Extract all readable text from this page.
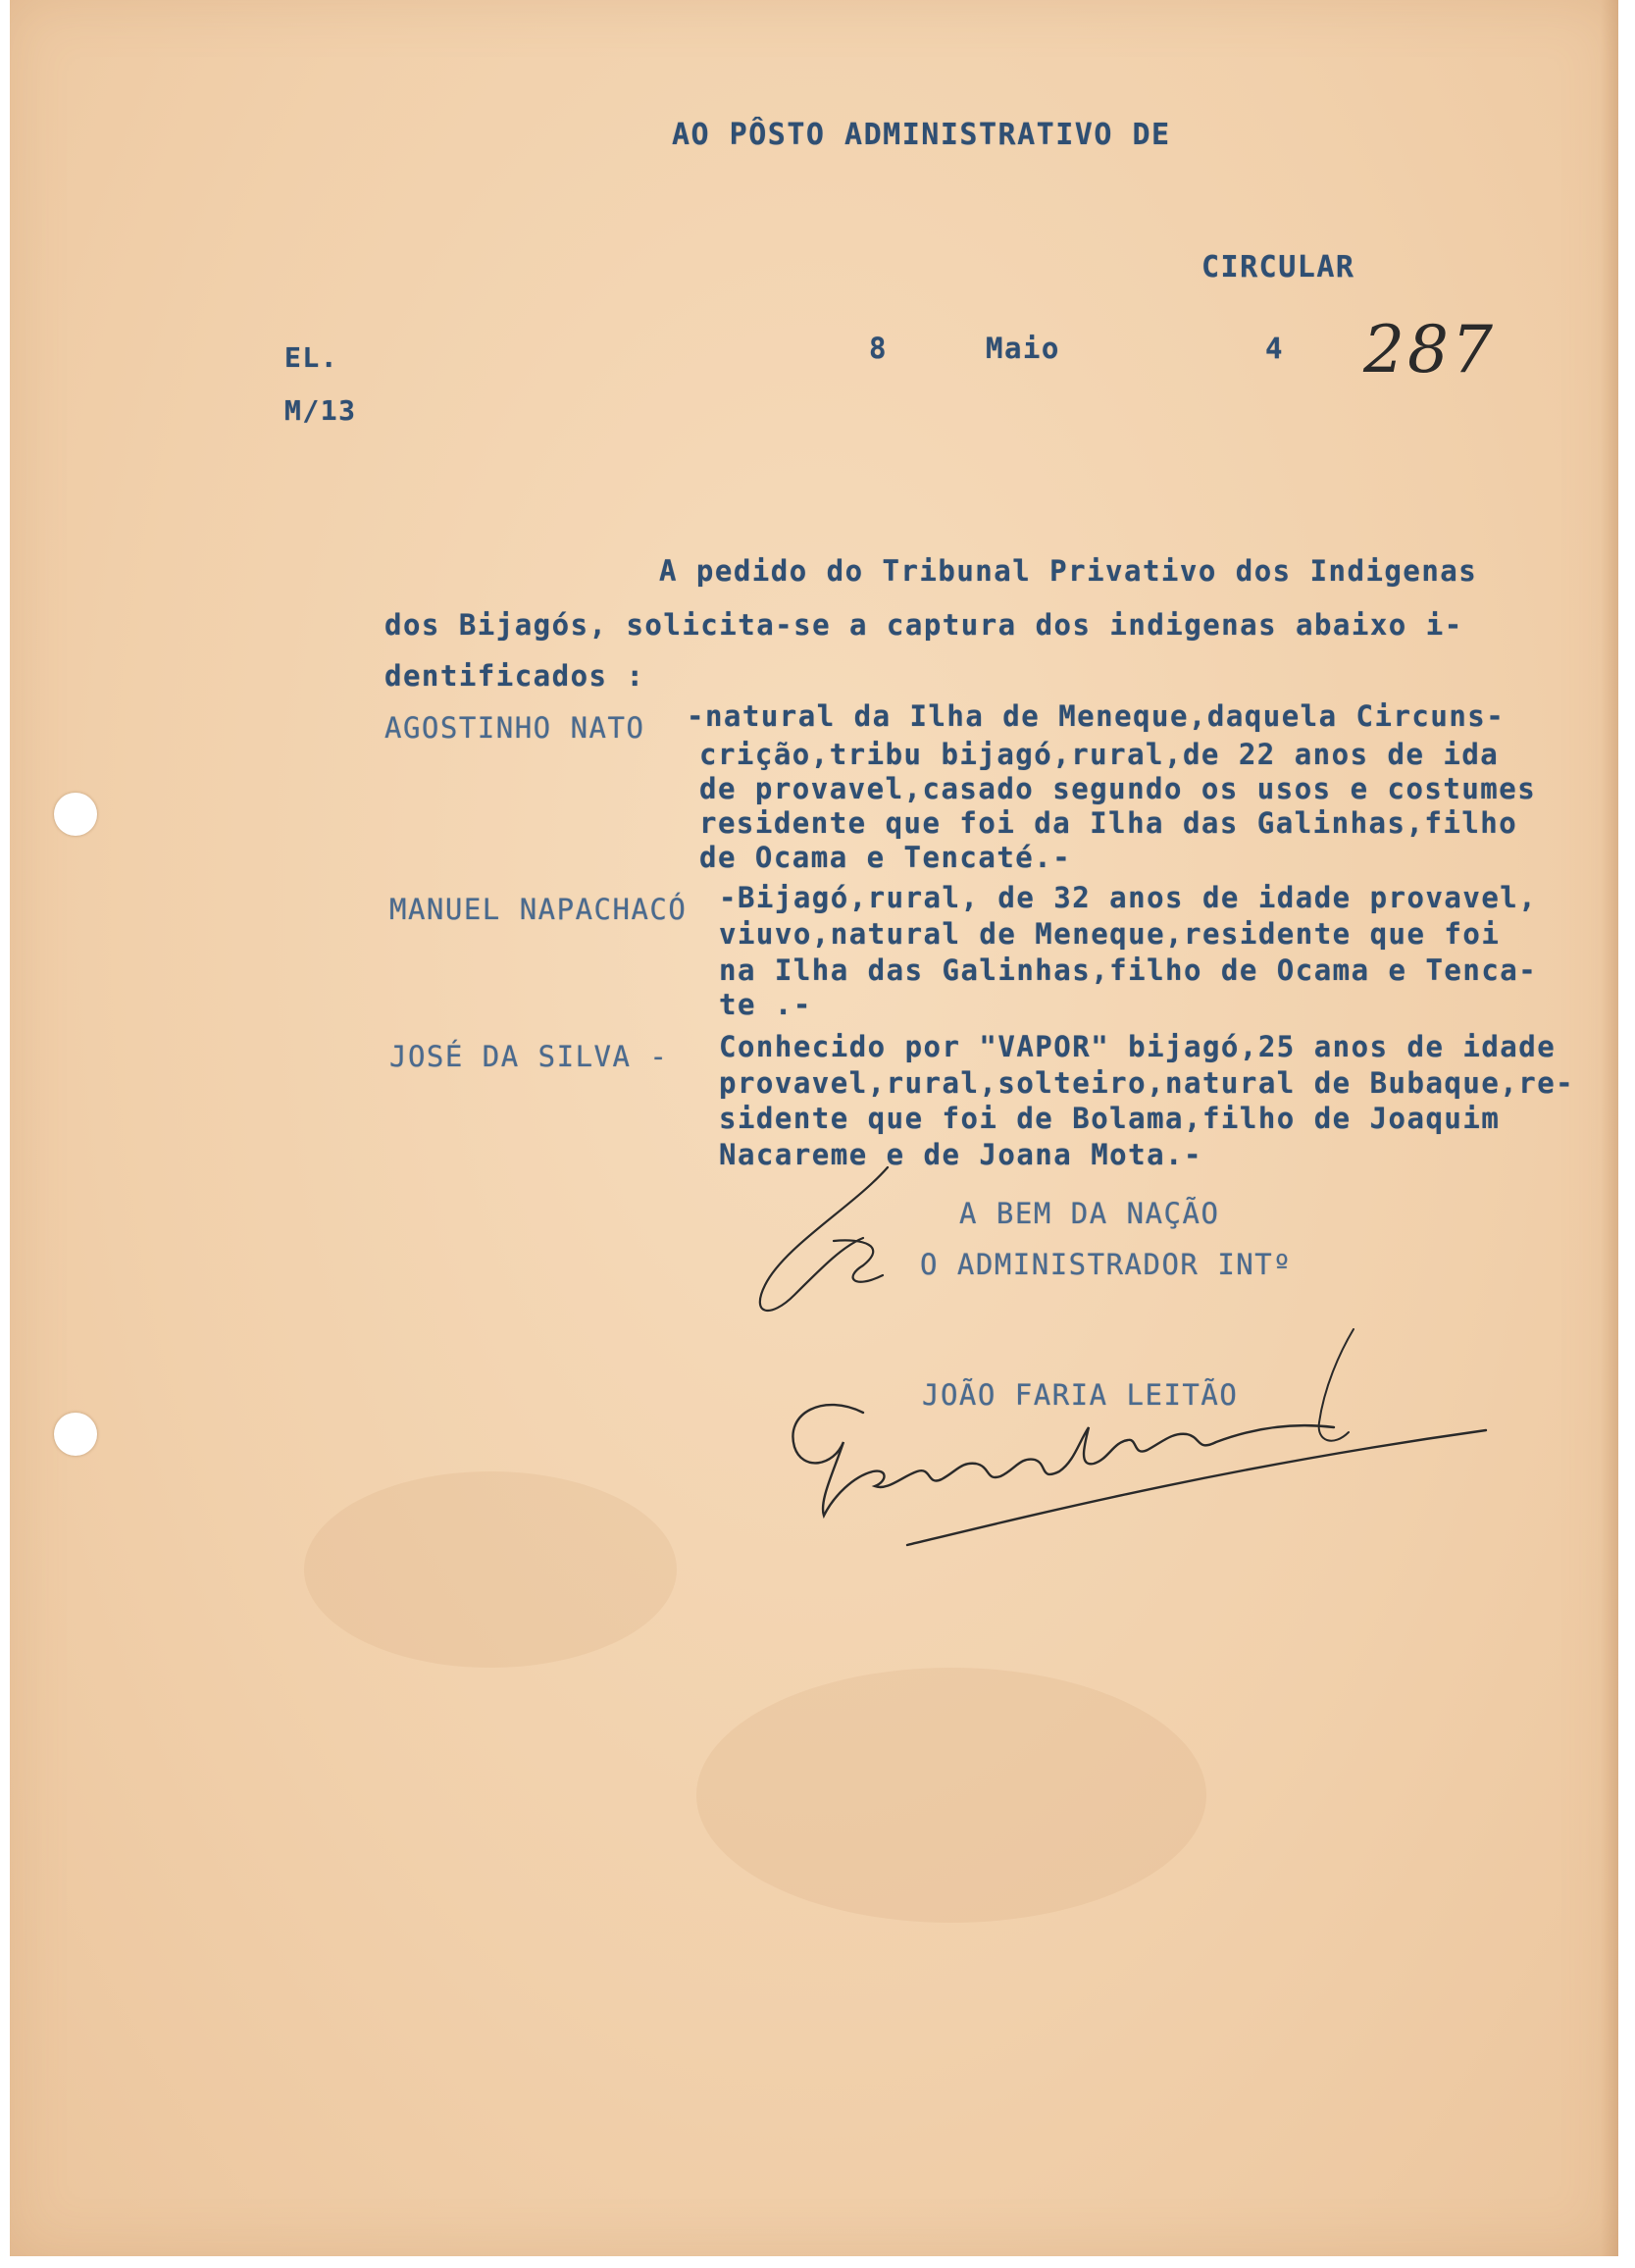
AO PÔSTO ADMINISTRATIVO DE
CIRCULAR
EL.
M/13
8	Maio	4 287
A pedido do Tribunal Privativo dos Indigenas
dos Bijagós, solicita-se a captura dos indigenas abaixo i-
dentificados :
AGOSTINHO NATO -natural da Ilha de Meneque,daquela Circuns-
crição,tribu bijagó,rural,de 22 anos de ida
de provavel,casado segundo os usos e costumes
residente que foi da Ilha das Galinhas,filho
de Ocama e Tencaté.-
MANUEL NAPACHACÓ -Bijagó,rural, de 32 anos de idade provavel,
viuvo,natural de Meneque,residente que foi
na Ilha das Galinhas,filho de Ocama e Tenca-
te .-
JOSÉ DA SILVA - Conhecido por "VAPOR" bijagó,25 anos de idade
provavel,rural,solteiro,natural de Bubaque,re-
sidente que foi de Bolama,filho de Joaquim
Nacareme e de Joana Mota.-
A BEM DA NAÇÃO
O ADMINISTRADOR INTº
JOÃO FARIA LEITÃO
